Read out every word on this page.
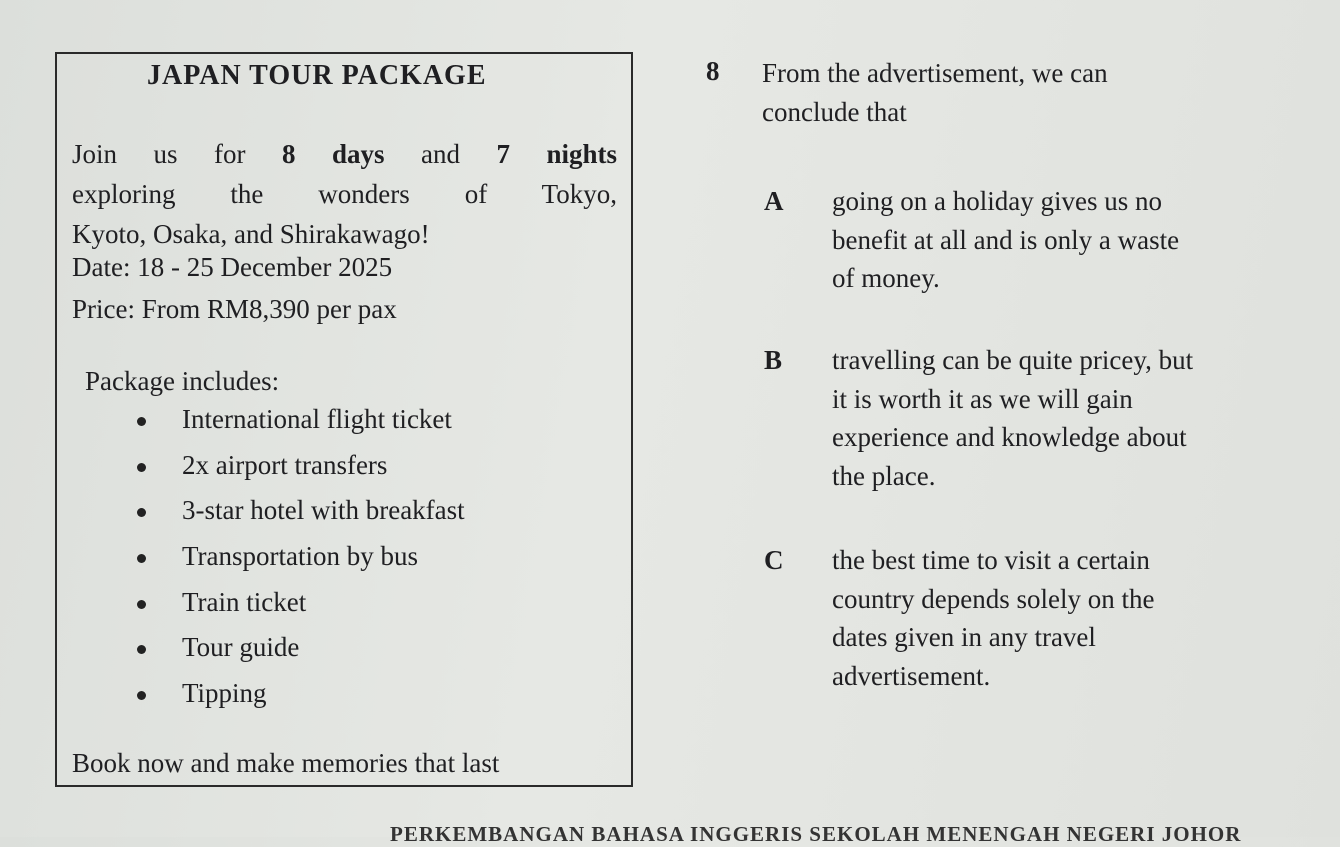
JAPAN TOUR PACKAGE
Join us for 8 days and 7 nights
exploring the wonders of Tokyo,
Kyoto, Osaka, and Shirakawago!
Date: 18 - 25 December 2025
Price: From RM8,390 per pax
Package includes:
International flight ticket
2x airport transfers
3-star hotel with breakfast
Transportation by bus
Train ticket
Tour guide
Tipping
Book now and make memories that last
8 From the advertisement, we can
conclude that
A going on a holiday gives us no
benefit at all and is only a waste
of money.
B travelling can be quite pricey, but
it is worth it as we will gain
experience and knowledge about
the place.
C the best time to visit a certain
country depends solely on the
dates given in any travel
advertisement.
PERKEMBANGAN BAHASA INGGERIS SEKOLAH MENENGAH NEGERI JOHOR
